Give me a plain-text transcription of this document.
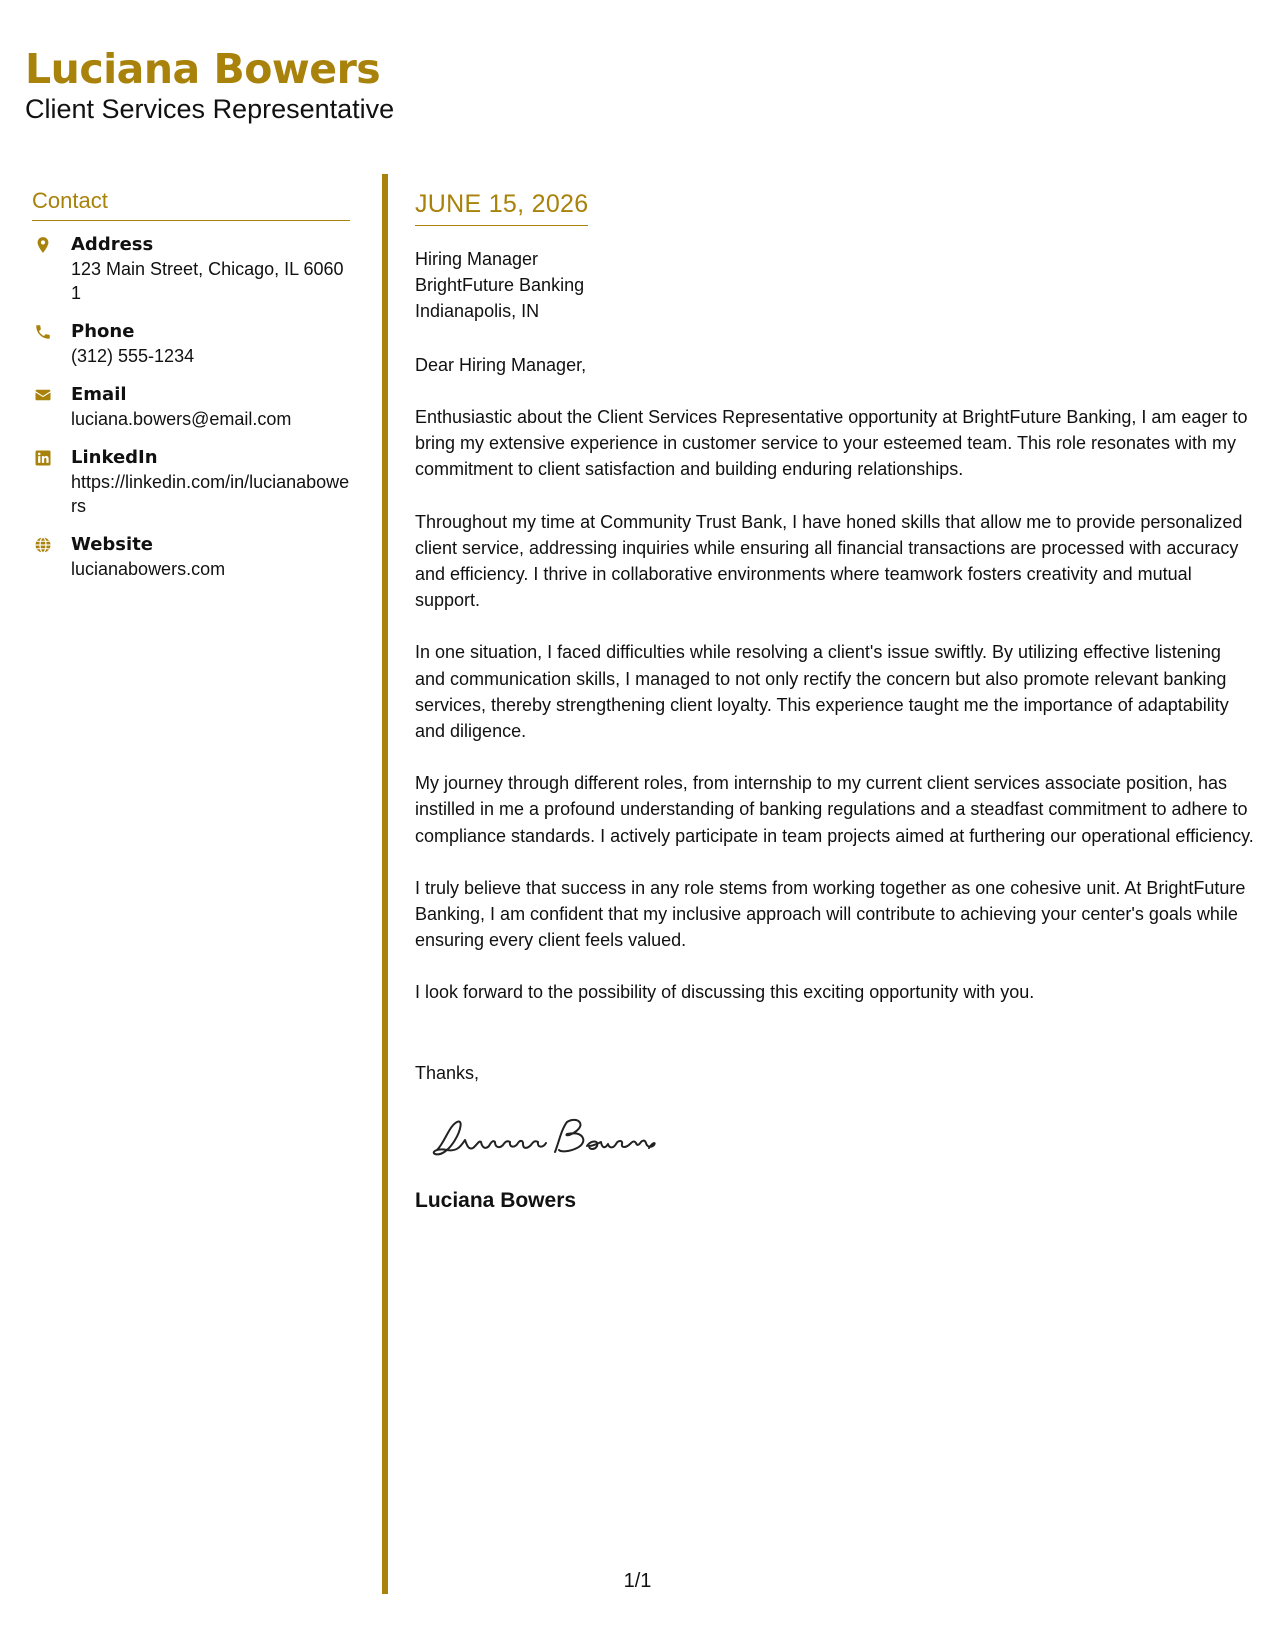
Luciana Bowers
Client Services Representative
Contact
Address
123 Main Street, Chicago, IL 60601
Phone
(312) 555-1234
Email
luciana.bowers@email.com
LinkedIn
https://linkedin.com/in/lucianabowers
Website
lucianabowers.com
JUNE 15, 2026
Hiring Manager
BrightFuture Banking
Indianapolis, IN
Dear Hiring Manager,

Enthusiastic about the Client Services Representative opportunity at BrightFuture Banking, I am eager to bring my extensive experience in customer service to your esteemed team. This role resonates with my commitment to client satisfaction and building enduring relationships.

Throughout my time at Community Trust Bank, I have honed skills that allow me to provide personalized client service, addressing inquiries while ensuring all financial transactions are processed with accuracy and efficiency. I thrive in collaborative environments where teamwork fosters creativity and mutual support.

In one situation, I faced difficulties while resolving a client's issue swiftly. By utilizing effective listening and communication skills, I managed to not only rectify the concern but also promote relevant banking services, thereby strengthening client loyalty. This experience taught me the importance of adaptability and diligence.

My journey through different roles, from internship to my current client services associate position, has instilled in me a profound understanding of banking regulations and a steadfast commitment to adhere to compliance standards. I actively participate in team projects aimed at furthering our operational efficiency.

I truly believe that success in any role stems from working together as one cohesive unit. At BrightFuture Banking, I am confident that my inclusive approach will contribute to achieving your center's goals while ensuring every client feels valued.

I look forward to the possibility of discussing this exciting opportunity with you.

Thanks,
Luciana Bowers
1/1
